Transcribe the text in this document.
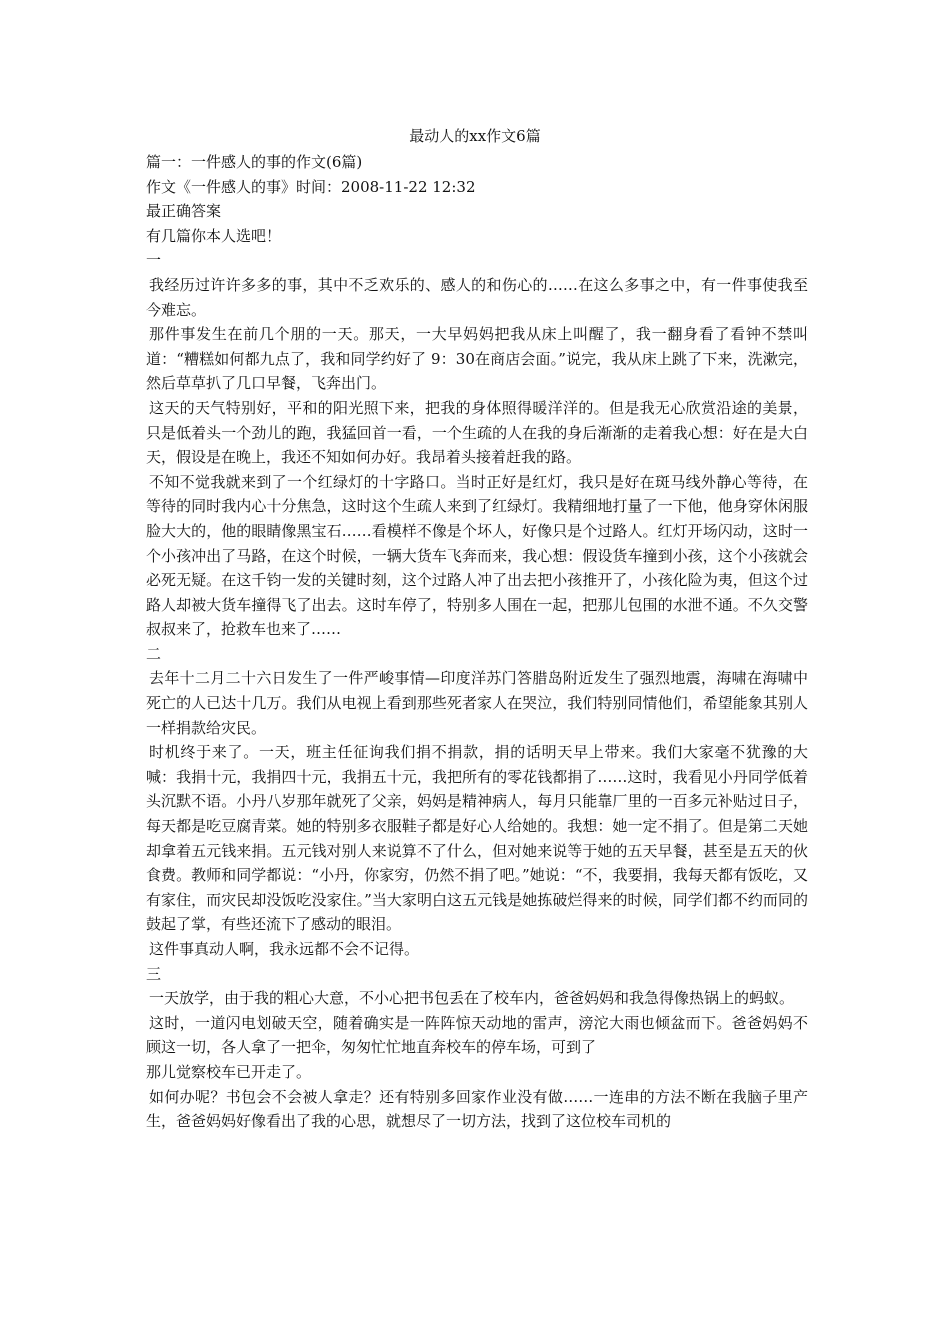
最动人的xx作文6篇

篇一：一件感人的事的作文(6篇)

作文《一件感人的事》时间：2008-11-22 12:32

最正确答案

有几篇你本人选吧！

一

我经历过许许多多的事，其中不乏欢乐的、感人的和伤心的……在这么多事之中，有一件事使我至今难忘。

那件事发生在前几个朋的一天。那天，一大早妈妈把我从床上叫醒了，我一翻身看了看钟不禁叫道：“糟糕如何都九点了，我和同学约好了 9：30在商店会面。”说完，我从床上跳了下来，洗漱完，然后草草扒了几口早餐，飞奔出门。

这天的天气特别好，平和的阳光照下来，把我的身体照得暖洋洋的。但是我无心欣赏沿途的美景，只是低着头一个劲儿的跑，我猛回首一看，一个生疏的人在我的身后渐渐的走着我心想：好在是大白天，假设是在晚上，我还不知如何办好。我昂着头接着赶我的路。

不知不觉我就来到了一个红绿灯的十字路口。当时正好是红灯，我只是好在斑马线外静心等待，在等待的同时我内心十分焦急，这时这个生疏人来到了红绿灯。我精细地打量了一下他，他身穿休闲服脸大大的，他的眼睛像黑宝石……看模样不像是个坏人，好像只是个过路人。红灯开场闪动，这时一个小孩冲出了马路，在这个时候，一辆大货车飞奔而来，我心想：假设货车撞到小孩，这个小孩就会必死无疑。在这千钧一发的关键时刻，这个过路人冲了出去把小孩推开了，小孩化险为夷，但这个过路人却被大货车撞得飞了出去。这时车停了，特别多人围在一起，把那儿包围的水泄不通。不久交警叔叔来了，抢救车也来了……

二

去年十二月二十六日发生了一件严峻事情—印度洋苏门答腊岛附近发生了强烈地震，海啸在海啸中死亡的人已达十几万。我们从电视上看到那些死者家人在哭泣，我们特别同情他们，希望能象其别人一样捐款给灾民。

时机终于来了。一天，班主任征询我们捐不捐款，捐的话明天早上带来。我们大家毫不犹豫的大喊：我捐十元，我捐四十元，我捐五十元，我把所有的零花钱都捐了……这时，我看见小丹同学低着头沉默不语。小丹八岁那年就死了父亲，妈妈是精神病人，每月只能靠厂里的一百多元补贴过日子，每天都是吃豆腐青菜。她的特别多衣服鞋子都是好心人给她的。我想：她一定不捐了。但是第二天她却拿着五元钱来捐。五元钱对别人来说算不了什么，但对她来说等于她的五天早餐，甚至是五天的伙食费。教师和同学都说：“小丹，你家穷，仍然不捐了吧。”她说：“不，我要捐，我每天都有饭吃，又有家住，而灾民却没饭吃没家住。”当大家明白这五元钱是她拣破烂得来的时候，同学们都不约而同的鼓起了掌，有些还流下了感动的眼泪。

这件事真动人啊，我永远都不会不记得。

三

一天放学，由于我的粗心大意，不小心把书包丢在了校车内，爸爸妈妈和我急得像热锅上的蚂蚁。

这时，一道闪电划破天空，随着确实是一阵阵惊天动地的雷声，滂沱大雨也倾盆而下。爸爸妈妈不顾这一切，各人拿了一把伞，匆匆忙忙地直奔校车的停车场，可到了

那儿觉察校车已开走了。

如何办呢？书包会不会被人拿走？还有特别多回家作业没有做……一连串的方法不断在我脑子里产生，爸爸妈妈好像看出了我的心思，就想尽了一切方法，找到了这位校车司机的
